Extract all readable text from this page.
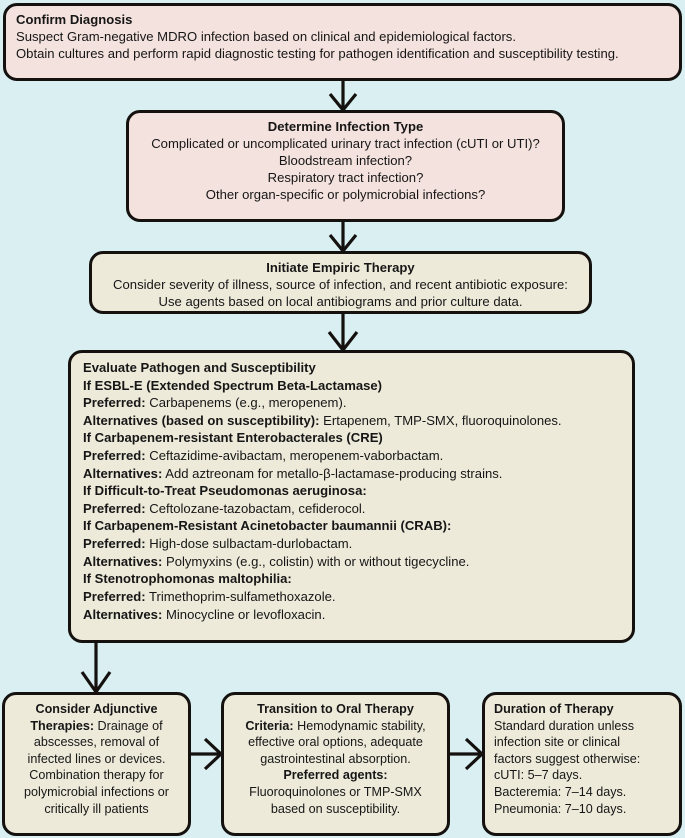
Confirm Diagnosis
Suspect Gram-negative MDRO infection based on clinical and epidemiological factors.
Obtain cultures and perform rapid diagnostic testing for pathogen identification and susceptibility testing.
Determine Infection Type
Complicated or uncomplicated urinary tract infection (cUTI or UTI)?
Bloodstream infection?
Respiratory tract infection?
Other organ-specific or polymicrobial infections?
Initiate Empiric Therapy
Consider severity of illness, source of infection, and recent antibiotic exposure:
Use agents based on local antibiograms and prior culture data.
Evaluate Pathogen and Susceptibility
If ESBL-E (Extended Spectrum Beta-Lactamase)
Preferred: Carbapenems (e.g., meropenem).
Alternatives (based on susceptibility): Ertapenem, TMP-SMX, fluoroquinolones.
If Carbapenem-resistant Enterobacterales (CRE)
Preferred: Ceftazidime-avibactam, meropenem-vaborbactam.
Alternatives: Add aztreonam for metallo-β-lactamase-producing strains.
If Difficult-to-Treat Pseudomonas aeruginosa:
Preferred: Ceftolozane-tazobactam, cefiderocol.
If Carbapenem-Resistant Acinetobacter baumannii (CRAB):
Preferred: High-dose sulbactam-durlobactam.
Alternatives: Polymyxins (e.g., colistin) with or without tigecycline.
If Stenotrophomonas maltophilia:
Preferred: Trimethoprim-sulfamethoxazole.
Alternatives: Minocycline or levofloxacin.
Consider Adjunctive
Therapies: Drainage of abscesses, removal of infected lines or devices. Combination therapy for polymicrobial infections or critically ill patients
Transition to Oral Therapy
Criteria: Hemodynamic stability, effective oral options, adequate gastrointestinal absorption.
Preferred agents:
Fluoroquinolones or TMP-SMX based on susceptibility.
Duration of Therapy
Standard duration unless
infection site or clinical
factors suggest otherwise:
cUTI: 5–7 days.
Bacteremia: 7–14 days.
Pneumonia: 7–10 days.
